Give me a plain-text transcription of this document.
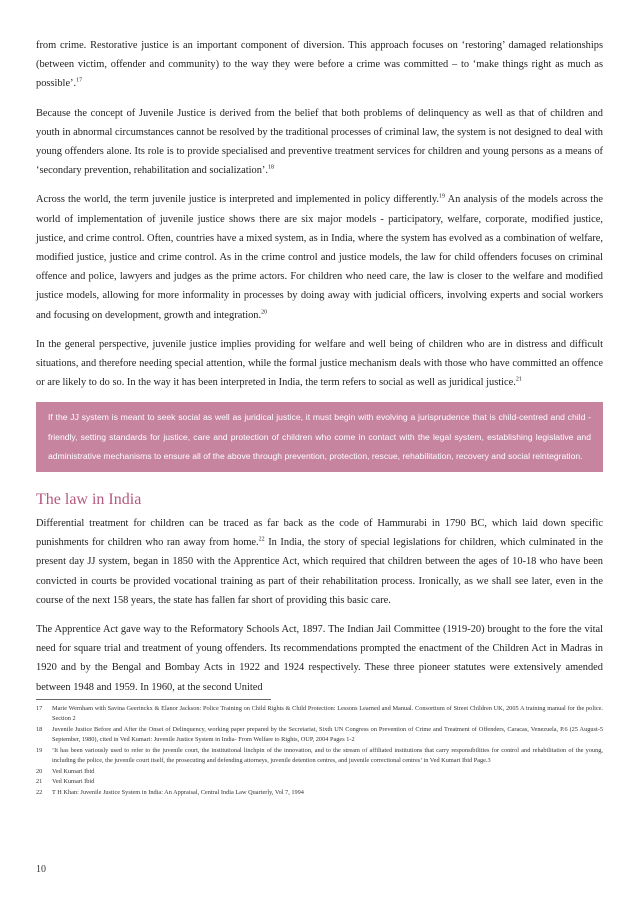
from crime. Restorative justice is an important component of diversion. This approach focuses on ‘restoring’ damaged relationships (between victim, offender and community) to the way they were before a crime was committed – to ‘make things right as much as possible’.$^{17}$

Because the concept of Juvenile Justice is derived from the belief that both problems of delinquency as well as that of children and youth in abnormal circumstances cannot be resolved by the traditional processes of criminal law, the system is not designed to deal with young offenders alone. Its role is to provide specialised and preventive treatment services for children and young persons as a means of ‘secondary prevention, rehabilitation and socialization’.$^{18}$

Across the world, the term juvenile justice is interpreted and implemented in policy differently.$^{19}$ An analysis of the models across the world of implementation of juvenile justice shows there are six major models - participatory, welfare, corporate, modified justice, justice, and crime control. Often, countries have a mixed system, as in India, where the system has evolved as a combination of welfare, modified justice, justice and crime control. As in the crime control and justice models, the law for child offenders focuses on criminal offence and police, lawyers and judges as the prime actors. For children who need care, the law is closer to the welfare and modified justice models, allowing for more informality in processes by doing away with judicial officers, involving experts and social workers and focusing on development, growth and integration.$^{20}$

In the general perspective, juvenile justice implies providing for welfare and well being of children who are in distress and difficult situations, and therefore needing special attention, while the formal justice mechanism deals with those who have committed an offence or are likely to do so. In the way it has been interpreted in India, the term refers to social as well as juridical justice.$^{21}$

If the JJ system is meant to seek social as well as juridical justice, it must begin with evolving a jurisprudence that is child-centred and child - friendly, setting standards for justice, care and protection of children who come in contact with the legal system, establishing legislative and administrative mechanisms to ensure all of the above through prevention, protection, rescue, rehabilitation, recovery and social reintegration.
The law in India

Differential treatment for children can be traced as far back as the code of Hammurabi in 1790 BC, which laid down specific punishments for children who ran away from home.$^{22}$ In India, the story of special legislations for children, which culminated in the present day JJ system, began in 1850 with the Apprentice Act, which required that children between the ages of 10-18 who have been convicted in courts be provided vocational training as part of their rehabilitation process. Ironically, as we shall see later, even in the course of the next 158 years, the state has fallen far short of providing this basic care.

The Apprentice Act gave way to the Reformatory Schools Act, 1897. The Indian Jail Committee (1919-20) brought to the fore the vital need for square trial and treatment of young offenders. Its recommendations prompted the enactment of the Children Act in Madras in 1920 and by the Bengal and Bombay Acts in 1922 and 1924 respectively. These three pioneer statutes were extensively amended between 1948 and 1959. In 1960, at the second United

17	Marie Wernham with Savina Geerinckx & Elanor Jackson: Police Training on Child Rights & Child Protection: Lessons Learned and Manual. Consortium of Street Children UK, 2005 A training manual for the police. Section 2
18	Juvenile Justice Before and After the Onset of Delinquency, working paper prepared by the Secretariat, Sixth UN Congress on Prevention of Crime and Treatment of Offenders, Caracas, Venezuela, P.6 (25 August-5 September, 1980), cited in Ved Kumari: Juvenile Justice System in India- From Welfare to Rights, OUP, 2004 Pages 1-2
19	‘It has been variously used to refer to the juvenile court, the institutional linchpin of the innovation, and to the stream of affiliated institutions that carry responsibilities for control and rehabilitation of the young, including the police, the juvenile court itself, the prosecuting and defending attorneys, juvenile detention centres, and juvenile correctional centres’ in Ved Kumari Ibid Page.3
20	Ved Kumari Ibid
21	Ved Kumari Ibid
22	T H Khan: Juvenile Justice System in India: An Appraisal, Central India Law Quarterly, Vol 7, 1994
10
